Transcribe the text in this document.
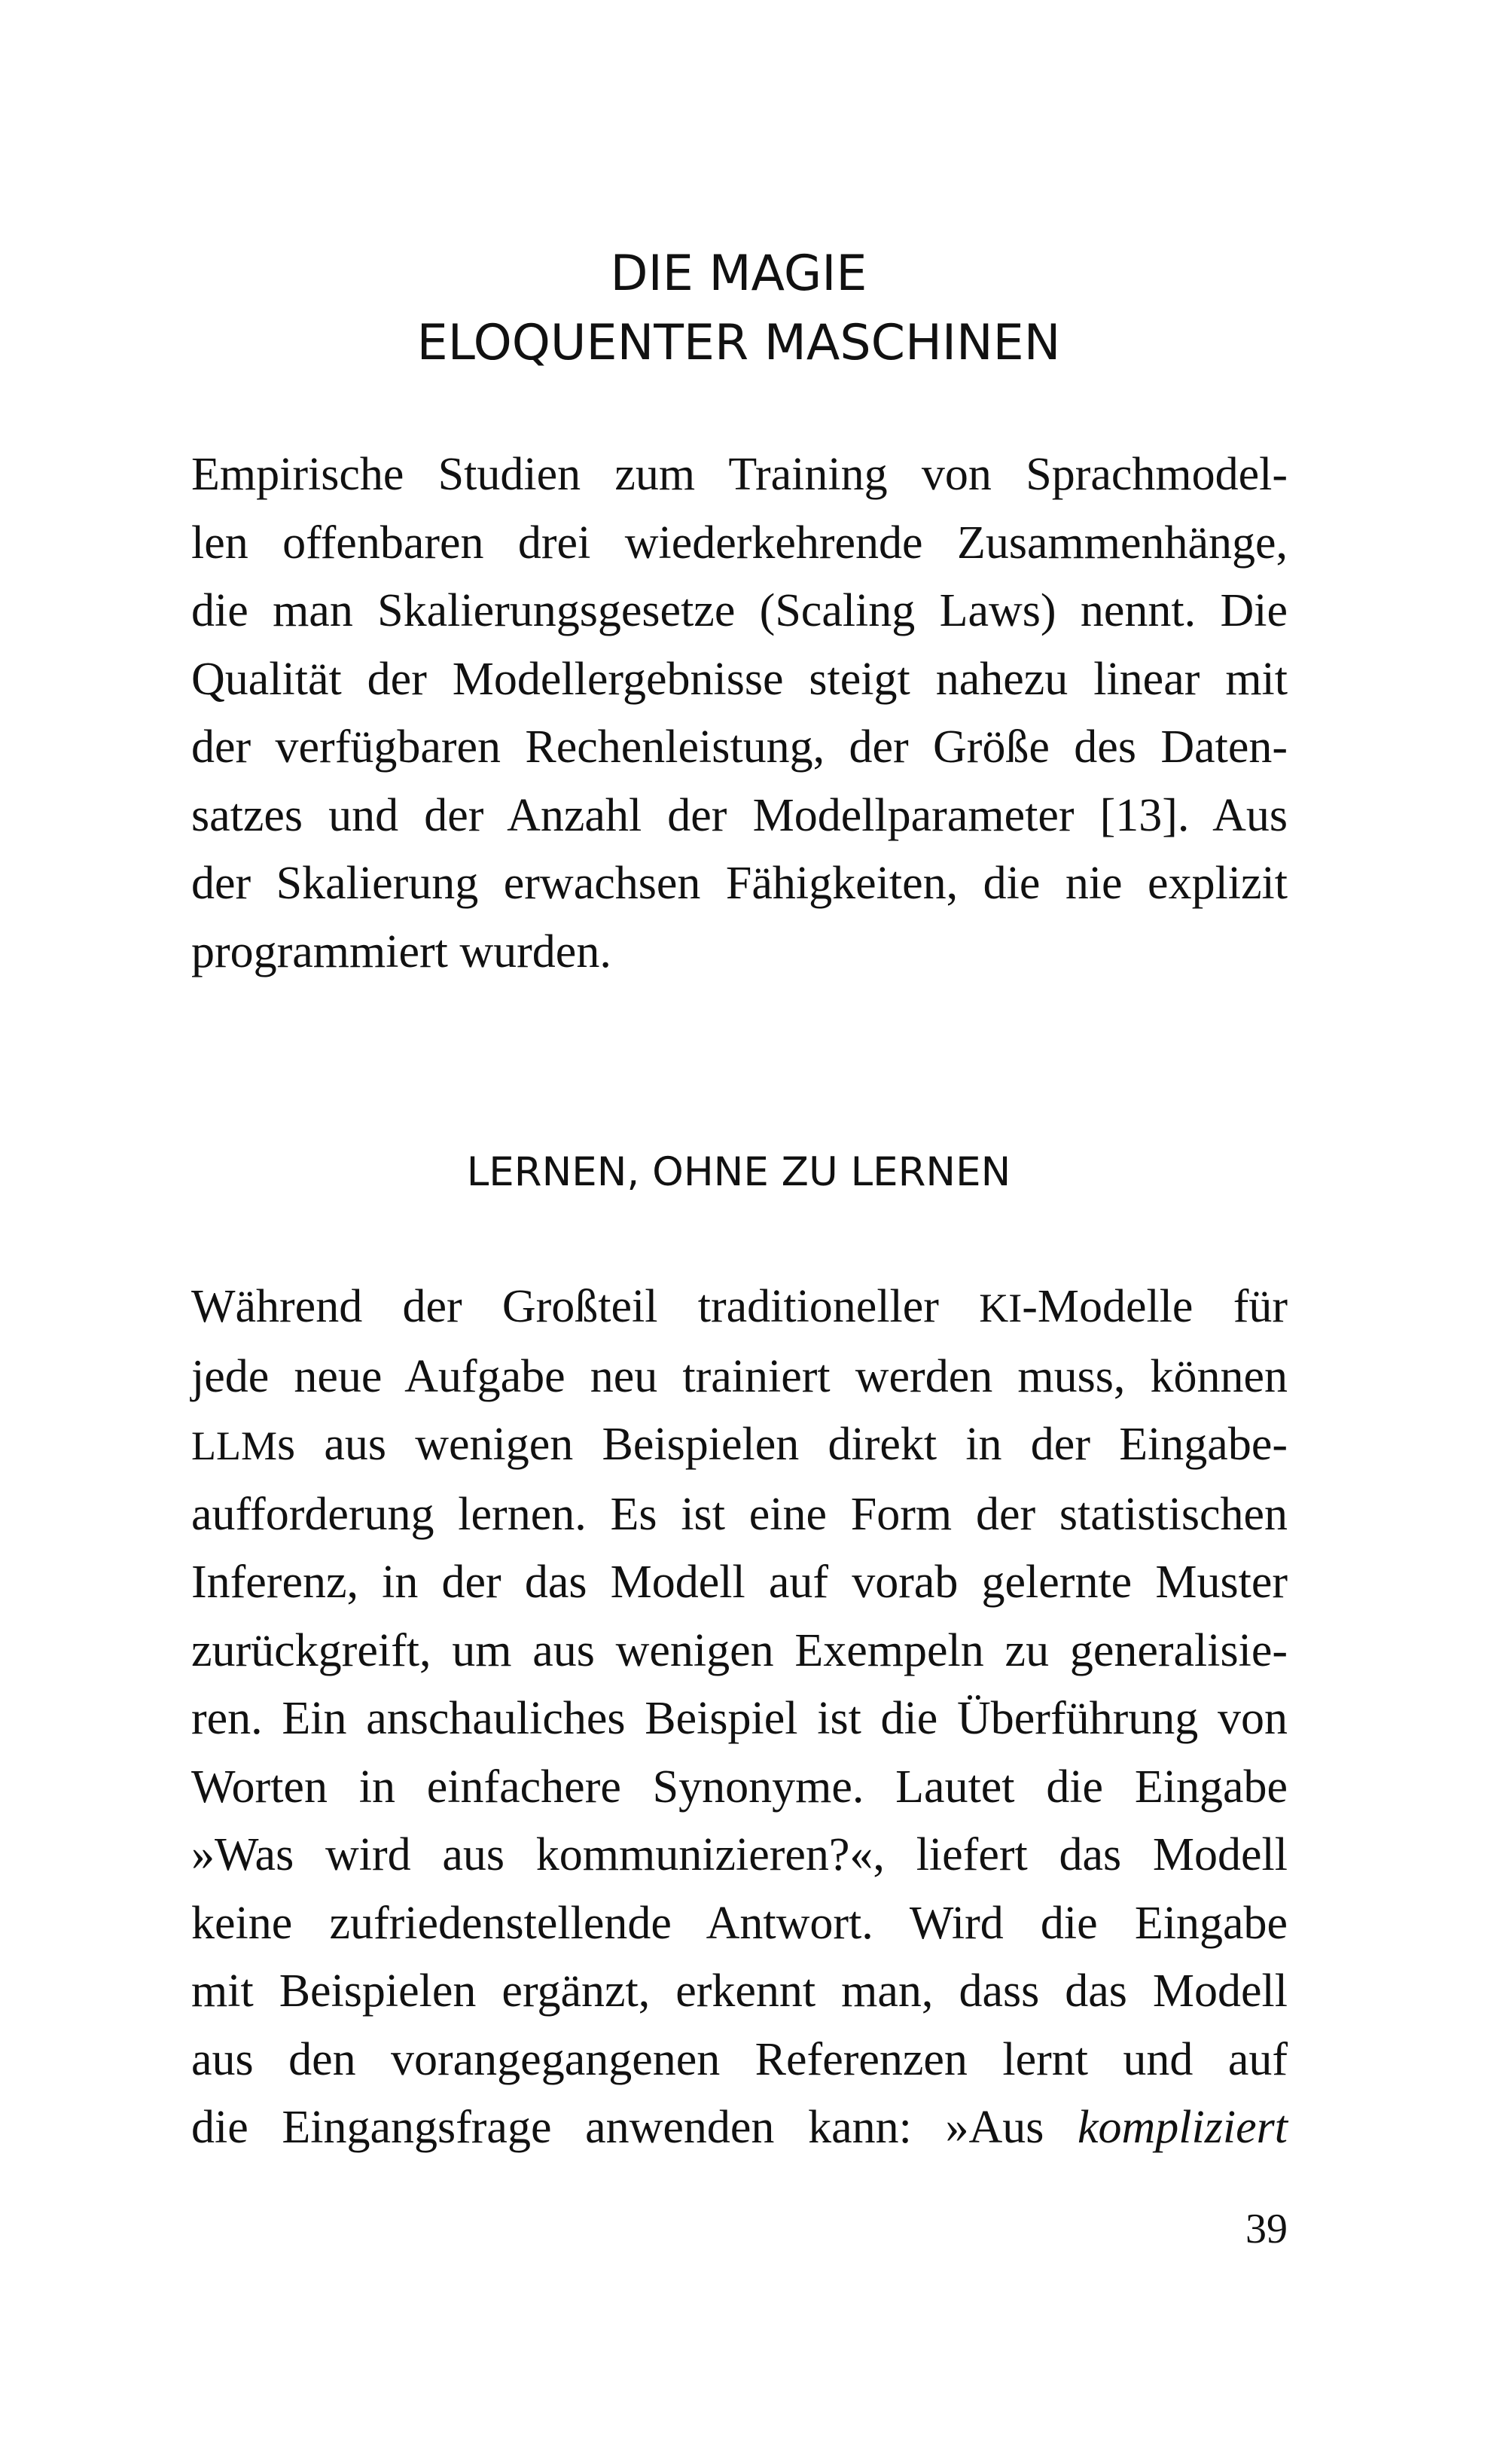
DIE MAGIE
ELOQUENTER MASCHINEN

Empirische Studien zum Training von Sprachmodel-
len offenbaren drei wiederkehrende Zusammenhänge,
die man Skalierungsgesetze (Scaling Laws) nennt. Die
Qualität der Modellergebnisse steigt nahezu linear mit
der verfügbaren Rechenleistung, der Größe des Daten-
satzes und der Anzahl der Modellparameter [13]. Aus
der Skalierung erwachsen Fähigkeiten, die nie explizit
programmiert wurden.

LERNEN, OHNE ZU LERNEN

Während der Großteil traditioneller KI-Modelle für
jede neue Aufgabe neu trainiert werden muss, können
LLMs aus wenigen Beispielen direkt in der Eingabe-
aufforderung lernen. Es ist eine Form der statistischen
Inferenz, in der das Modell auf vorab gelernte Muster
zurückgreift, um aus wenigen Exempeln zu generalisie-
ren. Ein anschauliches Beispiel ist die Überführung von
Worten in einfachere Synonyme. Lautet die Eingabe
»Was wird aus kommunizieren?«, liefert das Modell
keine zufriedenstellende Antwort. Wird die Eingabe
mit Beispielen ergänzt, erkennt man, dass das Modell
aus den vorangegangenen Referenzen lernt und auf
die Eingangsfrage anwenden kann: »Aus kompliziert

39
